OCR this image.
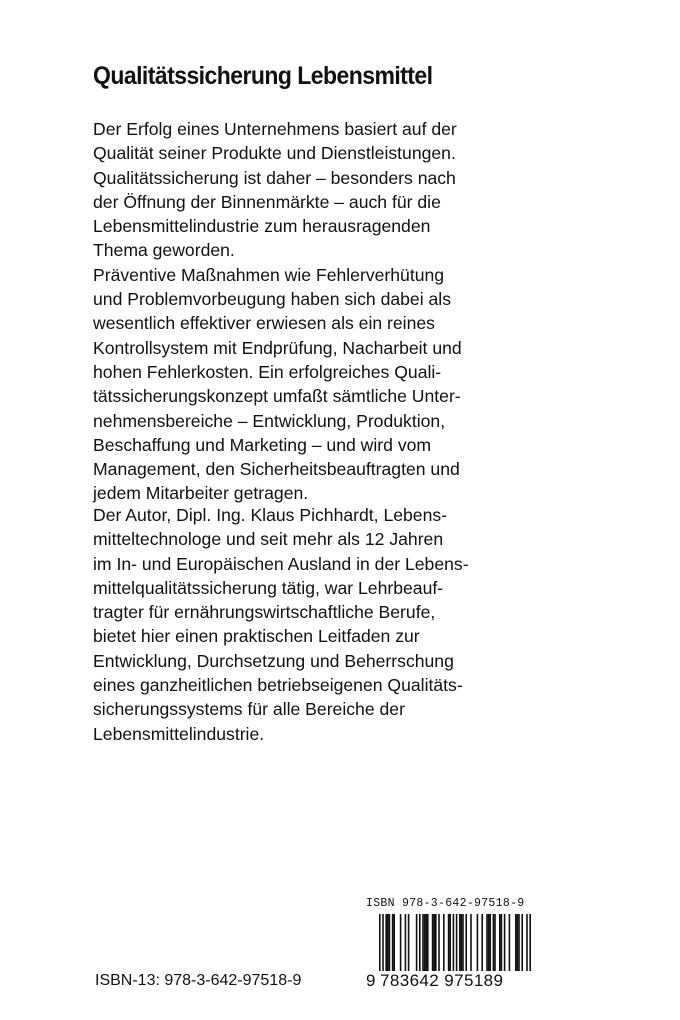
Qualitätssicherung Lebensmittel
Der Erfolg eines Unternehmens basiert auf der
Qualität seiner Produkte und Dienstleistungen.
Qualitätssicherung ist daher – besonders nach
der Öffnung der Binnenmärkte – auch für die
Lebensmittelindustrie zum herausragenden
Thema geworden.
Präventive Maßnahmen wie Fehlerverhütung
und Problemvorbeugung haben sich dabei als
wesentlich effektiver erwiesen als ein reines
Kontrollsystem mit Endprüfung, Nacharbeit und
hohen Fehlerkosten. Ein erfolgreiches Quali-
tätssicherungskonzept umfaßt sämtliche Unter-
nehmensbereiche – Entwicklung, Produktion,
Beschaffung und Marketing – und wird vom
Management, den Sicherheitsbeauftragten und
jedem Mitarbeiter getragen.
Der Autor, Dipl. Ing. Klaus Pichhardt, Lebens-
mitteltechnologe und seit mehr als 12 Jahren
im In- und Europäischen Ausland in der Lebens-
mittelqualitätssicherung tätig, war Lehrbeauf-
tragter für ernährungswirtschaftliche Berufe,
bietet hier einen praktischen Leitfaden zur
Entwicklung, Durchsetzung und Beherrschung
eines ganzheitlichen betriebseigenen Qualitäts-
sicherungssystems für alle Bereiche der
Lebensmittelindustrie.
ISBN-13: 978-3-642-97518-9
ISBN 978-3-642-97518-9
9 783642 975189
